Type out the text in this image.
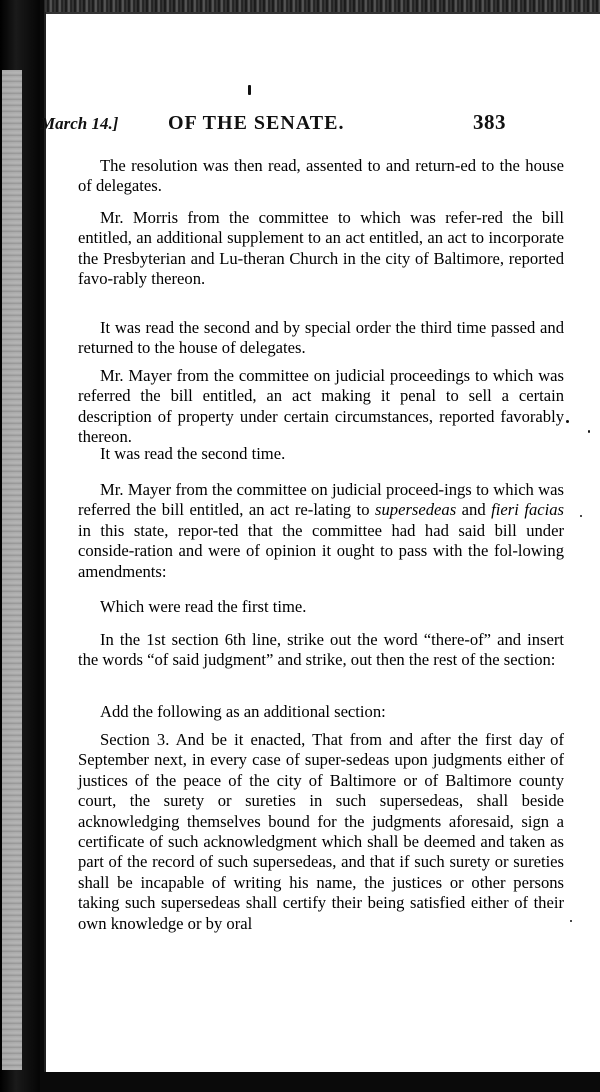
March 14.] OF THE SENATE.	383

The resolution was then read, assented to and return-ed to the house of delegates.

Mr. Morris from the committee to which was refer-red the bill entitled, an additional supplement to an act entitled, an act to incorporate the Presbyterian and Lu-theran Church in the city of Baltimore, reported favo-rably thereon.

It was read the second and by special order the third time passed and returned to the house of delegates.

Mr. Mayer from the committee on judicial proceedings to which was referred the bill entitled, an act making it penal to sell a certain description of property under certain circumstances, reported favorably thereon.

It was read the second time.

Mr. Mayer from the committee on judicial proceed-ings to which was referred the bill entitled, an act re-lating to supersedeas and fieri facias in this state, repor-ted that the committee had had said bill under conside-ration and were of opinion it ought to pass with the fol-lowing amendments:

Which were read the first time.

In the 1st section 6th line, strike out the word “there-of” and insert the words “of said judgment” and strike, out then the rest of the section:

Add the following as an additional section:

Section 3. And be it enacted, That from and after the first day of September next, in every case of super-sedeas upon judgments either of justices of the peace of the city of Baltimore or of Baltimore county court, the surety or sureties in such supersedeas, shall beside acknowledging themselves bound for the judgments aforesaid, sign a certificate of such acknowledgment which shall be deemed and taken as part of the record of such supersedeas, and that if such surety or sureties shall be incapable of writing his name, the justices or other persons taking such supersedeas shall certify their being satisfied either of their own knowledge or by oral
